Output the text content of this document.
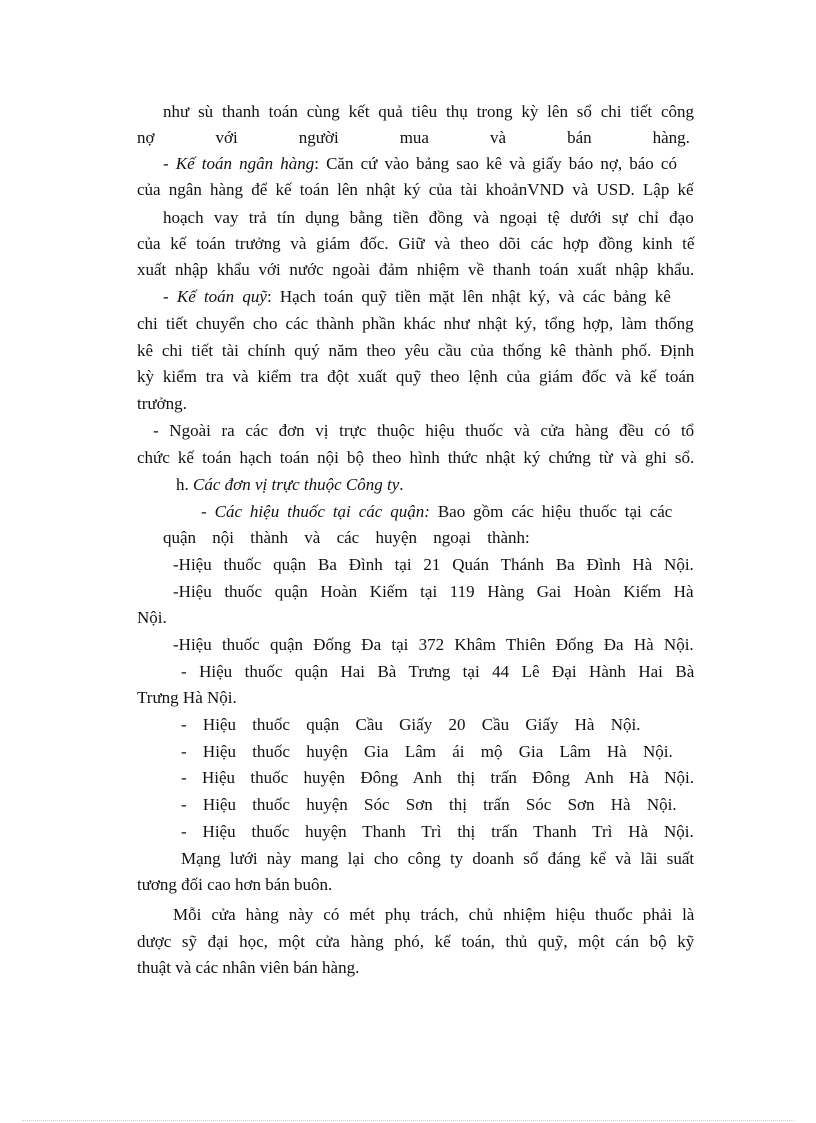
như sù thanh toán cùng kết quả tiêu thụ trong kỳ lên sổ chi tiết công
nợ	với	người	mua	và	bán	hàng.
- Kế toán ngân hàng: Căn cứ vào bảng sao kê và giấy báo nợ, báo có
của ngân hàng để kế toán lên nhật ký của tài khoảnVND và USD. Lập kế
hoạch vay trả tín dụng bằng tiền đồng và ngoại tệ dưới sự chỉ đạo
của kế toán trưởng và giám đốc. Giữ và theo dõi các hợp đồng kinh tế
xuất nhập khẩu với nước ngoài đảm nhiệm về thanh toán xuất nhập khẩu.
- Kế toán quỹ: Hạch toán quỹ tiền mặt lên nhật ký, và các bảng kê
chi tiết chuyển cho các thành phần khác như nhật ký, tổng hợp, làm thống
kê chi tiết tài chính quý năm theo yêu cầu của thống kê thành phố. Định
kỳ kiểm tra và kiểm tra đột xuất quỹ theo lệnh của giám đốc và kế toán
trưởng.
- Ngoài ra các đơn vị trực thuộc hiệu thuốc và cửa hàng đều có tổ
chức kế toán hạch toán nội bộ theo hình thức nhật ký chứng từ và ghi sổ.
h. Các đơn vị trực thuộc Công ty.
- Các hiệu thuốc tại các quận: Bao gồm các hiệu thuốc tại các
quận nội thành và các huyện ngoại thành:
-Hiệu thuốc quận Ba Đình tại 21 Quán Thánh Ba Đình Hà Nội.
-Hiệu thuốc quận Hoàn Kiếm tại 119 Hàng Gai Hoàn Kiếm Hà
Nội.
-Hiệu thuốc quận Đống Đa tại 372 Khâm Thiên Đống Đa Hà Nội.
- Hiệu thuốc quận Hai Bà Trưng tại 44 Lê Đại Hành Hai Bà
Trưng Hà Nội.
- Hiệu thuốc quận Cầu Giấy 20 Cầu Giấy Hà Nội.
- Hiệu thuốc huyện Gia Lâm ái mộ Gia Lâm Hà Nội.
- Hiệu thuốc huyện Đông Anh thị trấn Đông Anh Hà Nội.
- Hiệu thuốc huyện Sóc Sơn thị trấn Sóc Sơn Hà Nội.
- Hiệu thuốc huyện Thanh Trì thị trấn Thanh Trì Hà Nội.
Mạng lưới này mang lại cho công ty doanh số đáng kể và lãi suất
tương đối cao hơn bán buôn.
Mỗi cửa hàng này có mét phụ trách, chủ nhiệm hiệu thuốc phải là
dược sỹ đại học, một cửa hàng phó, kế toán, thủ quỹ, một cán bộ kỹ
thuật và các nhân viên bán hàng.
